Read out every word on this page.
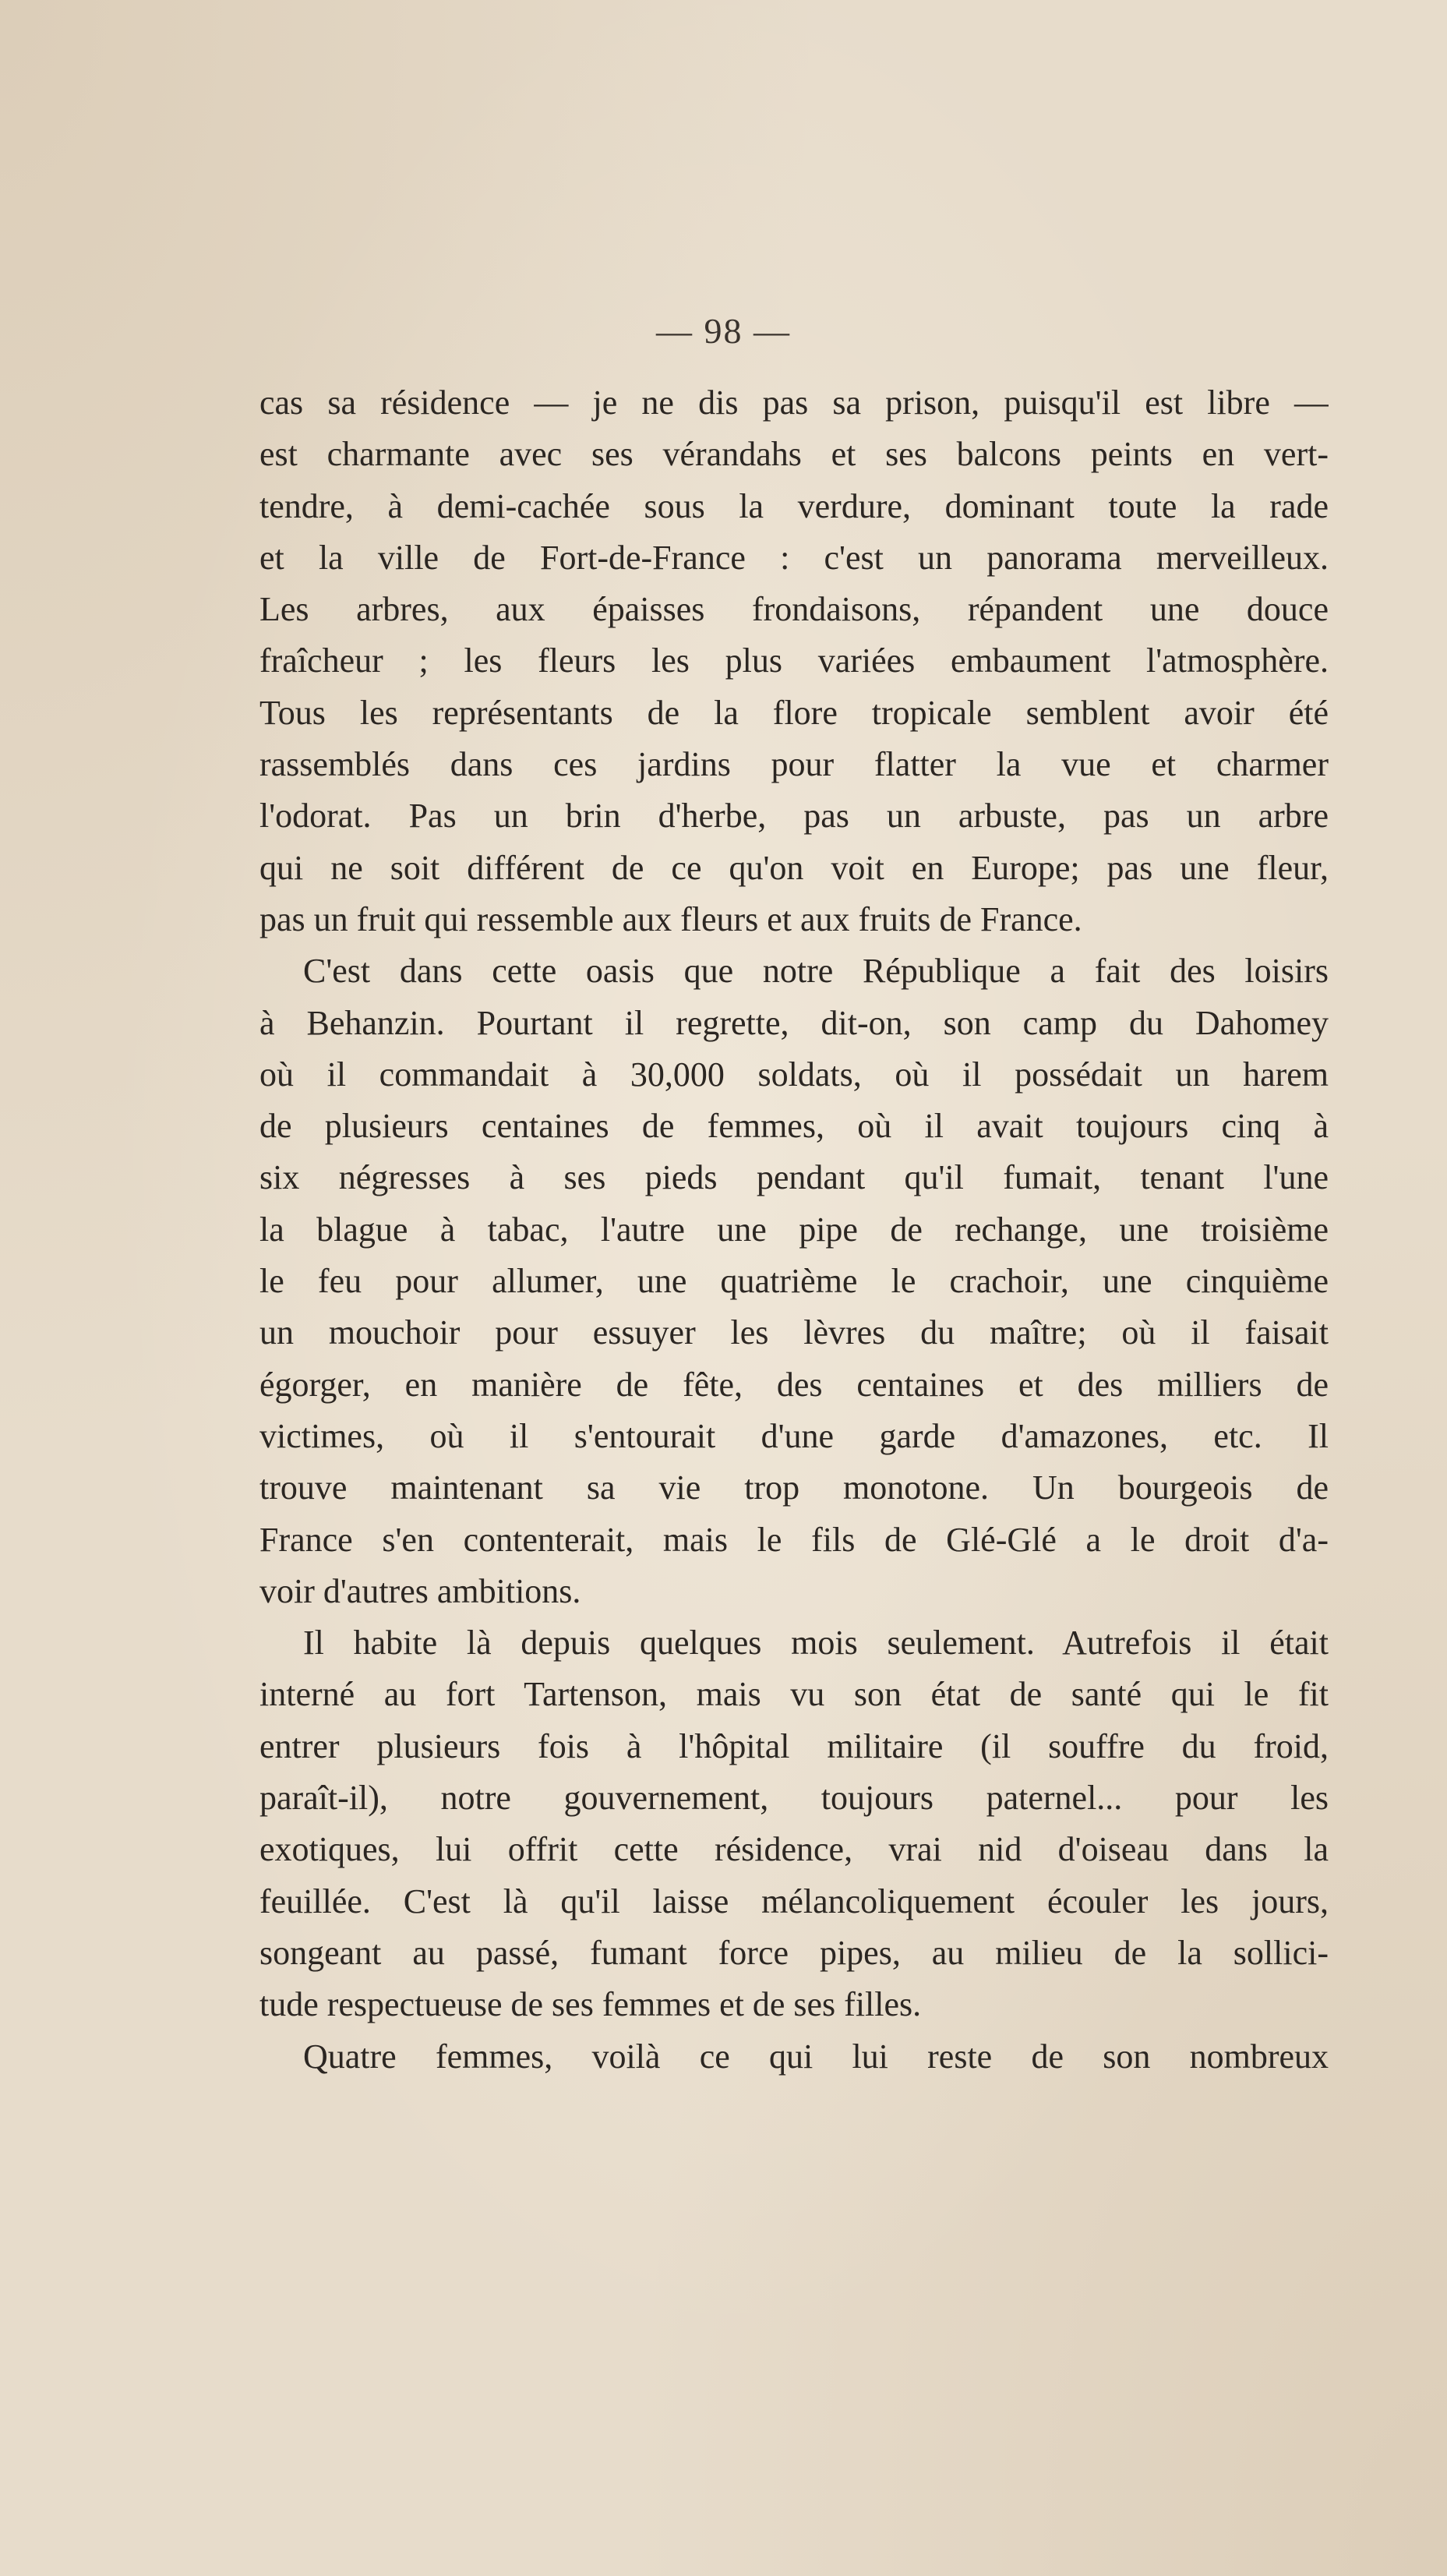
— 98 —
cas sa résidence — je ne dis pas sa prison, puisqu'il est libre —
est charmante avec ses vérandahs et ses balcons peints en vert-
tendre, à demi-cachée sous la verdure, dominant toute la rade
et la ville de Fort-de-France : c'est un panorama merveilleux.
Les arbres, aux épaisses frondaisons, répandent une douce
fraîcheur ; les fleurs les plus variées embaument l'atmosphère.
Tous les représentants de la flore tropicale semblent avoir été
rassemblés dans ces jardins pour flatter la vue et charmer
l'odorat. Pas un brin d'herbe, pas un arbuste, pas un arbre
qui ne soit différent de ce qu'on voit en Europe; pas une fleur,
pas un fruit qui ressemble aux fleurs et aux fruits de France.
C'est dans cette oasis que notre République a fait des loisirs
à Behanzin. Pourtant il regrette, dit-on, son camp du Dahomey
où il commandait à 30,000 soldats, où il possédait un harem
de plusieurs centaines de femmes, où il avait toujours cinq à
six négresses à ses pieds pendant qu'il fumait, tenant l'une
la blague à tabac, l'autre une pipe de rechange, une troisième
le feu pour allumer, une quatrième le crachoir, une cinquième
un mouchoir pour essuyer les lèvres du maître; où il faisait
égorger, en manière de fête, des centaines et des milliers de
victimes, où il s'entourait d'une garde d'amazones, etc. Il
trouve maintenant sa vie trop monotone. Un bourgeois de
France s'en contenterait, mais le fils de Glé-Glé a le droit d'a-
voir d'autres ambitions.
Il habite là depuis quelques mois seulement. Autrefois il était
interné au fort Tartenson, mais vu son état de santé qui le fit
entrer plusieurs fois à l'hôpital militaire (il souffre du froid,
paraît-il), notre gouvernement, toujours paternel... pour les
exotiques, lui offrit cette résidence, vrai nid d'oiseau dans la
feuillée. C'est là qu'il laisse mélancoliquement écouler les jours,
songeant au passé, fumant force pipes, au milieu de la sollici-
tude respectueuse de ses femmes et de ses filles.
Quatre femmes, voilà ce qui lui reste de son nombreux
